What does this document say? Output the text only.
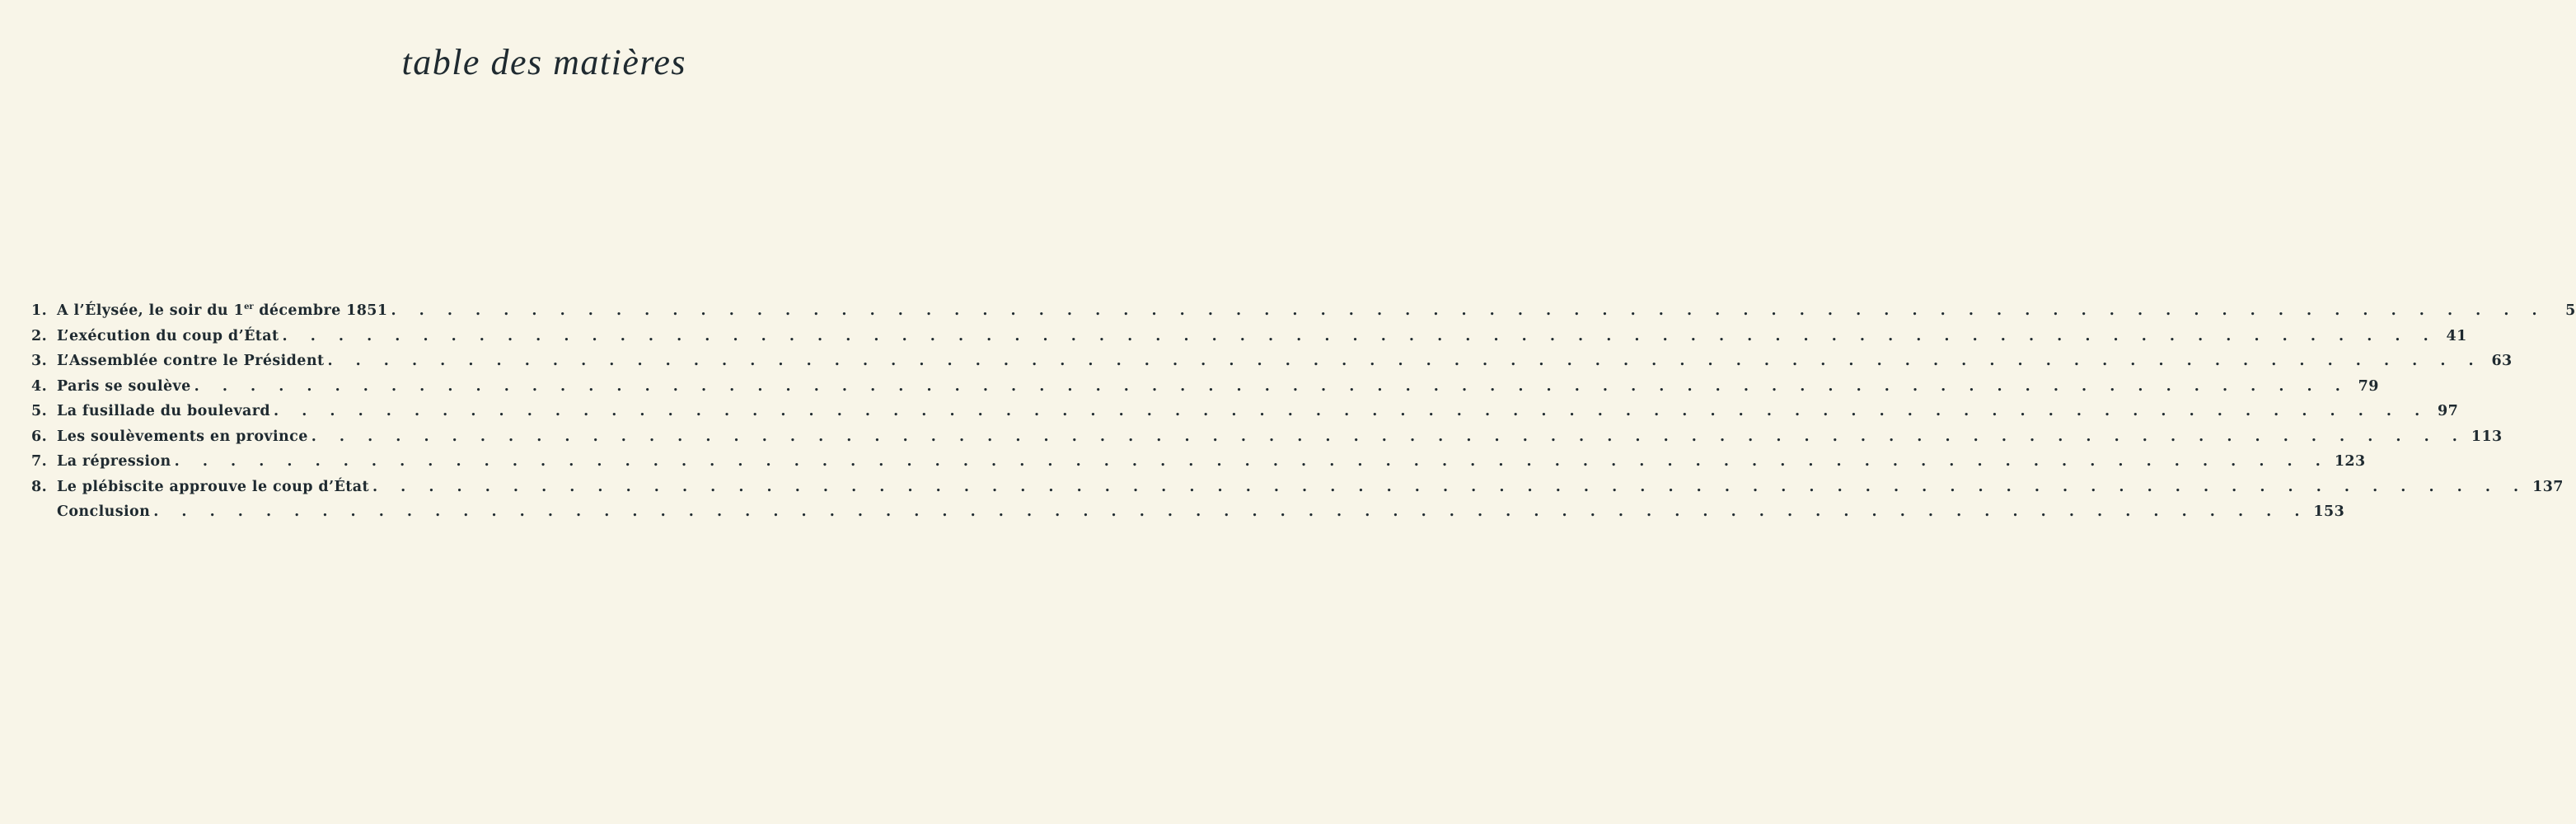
table des matières
1. A l’Élysée, le soir du 1er décembre 1851 . . . . . . . . . . . . . . . . . . . . . . . . . . . . . . . . . . . . . . . . . . . . . . . . . . . . . . . . . . . . . . . . . . . . . . . . . . . . .	5
2. L’exécution du coup d’État . . . . . . . . . . . . . . . . . . . . . . . . . . . . . . . . . . . . . . . . . . . . . . . . . . . . . . . . . . . . . . . . . . . . . . . . . . . . . 41
3. L’Assemblée contre le Président . . . . . . . . . . . . . . . . . . . . . . . . . . . . . . . . . . . . . . . . . . . . . . . . . . . . . . . . . . . . . . . . . . . . . . . . . . . . . 63
4. Paris se soulève . . . . . . . . . . . . . . . . . . . . . . . . . . . . . . . . . . . . . . . . . . . . . . . . . . . . . . . . . . . . . . . . . . . . . . . . . . . . . 79
5. La fusillade du boulevard . . . . . . . . . . . . . . . . . . . . . . . . . . . . . . . . . . . . . . . . . . . . . . . . . . . . . . . . . . . . . . . . . . . . . . . . . . . . . 97
6. Les soulèvements en province . . . . . . . . . . . . . . . . . . . . . . . . . . . . . . . . . . . . . . . . . . . . . . . . . . . . . . . . . . . . . . . . . . . . . . . . . . . . . 113
7. La répression . . . . . . . . . . . . . . . . . . . . . . . . . . . . . . . . . . . . . . . . . . . . . . . . . . . . . . . . . . . . . . . . . . . . . . . . . . . . . 123
8. Le plébiscite approuve le coup d’État . . . . . . . . . . . . . . . . . . . . . . . . . . . . . . . . . . . . . . . . . . . . . . . . . . . . . . . . . . . . . . . . . . . . . . . . . . . . . 137
Conclusion . . . . . . . . . . . . . . . . . . . . . . . . . . . . . . . . . . . . . . . . . . . . . . . . . . . . . . . . . . . . . . . . . . . . . . . . . . . . . 153
